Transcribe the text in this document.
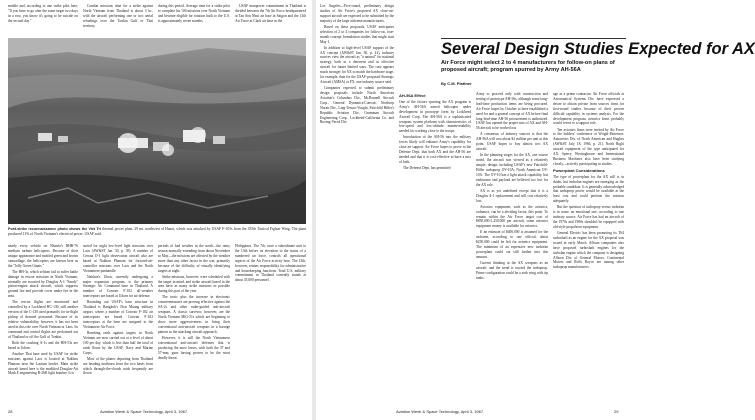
mobile and, according to one strike pilot here, "If you have to go after the same target two days in a row, you know it's going to be suicide on the second day."

Combat missions time for a strike against North Vietnam from Thailand is about 3 hr., with the aircraft performing one or two aerial refuelings over the Tonkin Gulf or Thai territory.

during this period. Average time for a strike pilot to complete his 100 missions over North Vietnam and become eligible for rotation back to the U.S. is approximately seven months.

USAF manpower commitment in Thailand is divided between the 7th Air Force headquartered at Tan Son Nhut air base in Saigon and the 13th Air Force at Clark air base in the

Post-strike reconnaissance photo shows the Viet Tri thermal power plant, 29 mi. northwest of Hanoi, which was attacked by USAF F-105s from the 355th Tactical Fighter Wing. The plant produced 11% of North Vietnam's electrical power, USAF said.

nearly every vehicle on Nharrie's RHB-76 medium turbine helicopters. Because of their unique appearance and mottled green and brown camouflage, the helicopters are known here as the "Jolly Green Giants."

The HH-3s, which seldom fail to suffer battle damage in rescue missions in North Vietnam, normally are escorted by Douglas A-1 "Sandy" piston-engine attack aircraft, which suppress ground fire and provide cover under fire in the area.

The rescue flights are monitored and controlled by a Lockheed HC-130, still another version of the C-130 used primarily for in-flight pickup of downed personnel. Because of its relative vulnerability, however, it has not been used in this role over North Vietnam or Laos. Its command and control flights are performed out of Thailand or off the Gulf of Tonkin.

Both the crashing A-1s and the HH-53s are based at Udorn.

Another Thai base used by USAF for strike missions against Laos is located at Nakhon Phanom near the Laotian border. Main strike aircraft based here is the modified Douglas-Air Mark E engineering B-26K light bomber. It is

suited for night low-level light missions over Laos (AW&ST Jan. 30, p. 39). A number of Cessna O-1 light observation aircraft also are based at Nakhon Phanom for forward-air-controller missions over Laos and the North Vietnamese panhandle.

Nakhon's Ubon, currently undergoing a major expansion program, is the primary Strategic Air Command base in Thailand. A number of Convair F-102 all-weather interceptors are based at Udorn for air defense.

Rounding out USAF's base structure in Thailand is Bangkok's Don Muang military airport, where a number of Convair F-102 air interceptors are based. Convair F-102 interceptors at the base are assigned to the Vietnamese Air Force.

Bombing raids against targets in North Vietnam are now carried out at a level of about 100 per day, which is less than half the total of raids flown by the USAF, Navy and Marine Corps.

Most of the planes departing from Thailand are heading northeast from the two bases from which through-the-clouds raids frequently are flown.

periods of bad weather in the north—the rainy season normally extending from about November to May—the missions are affected by the weather more than any other factor in the war, primarily because of the difficulty of visually identifying targets at night.

Strike missions, however, were scheduled with the target in mind, and strike aircraft based in the area have as many strike missions as possible during this part of the year.

The tactic plus the increase in electronic countermeasures are proving effective against the SA-2s and other radar-guided anti-aircraft weapons. A classic survivor, however, are the North Vietnam MiG-21s which are beginning to show more aggressiveness in firing their conventional anti-aircraft weapons in a barrage pattern as the attacking aircraft approach.

However, it is still the North Vietnamese conventional anti-aircraft defenses that is producing the most losses, with both the 37 and 57-mm. guns having proven to be the most deadly threat.

Philippines. The 7th, once a subordinate unit to the 13th before its elevation to the status of a numbered air force, controls all operational aspects of the Air Force activity here. The 13th, however, retains responsibility for administrative and housekeeping functions. Total U.S. military commitment in Thailand currently stands at about 35,000 personnel.

28	Aviation Week & Space Technology, April 3, 1967

Los Angeles—Five-round, preliminary design studies of Air Force's proposed AX close-air-support aircraft are expected to be submitted by the majority of the large airframe manufacturers.

Based on these proposals, USAF anticipates selection of 2 to 4 companies for follow-on, four-month concept formulation studies that might start May 1.

In addition to high-level USAF support of the AX concept (AW&ST Jan. 30, p. 41), industry sources view the aircraft as "a natural" for national strategy, both as a deterrent and as effective aircraft for future limited wars. The case appears much stronger for AX to match the hardware stage, for example, than for the USAF-proposed Strategic Aircraft (AMSA) or FX, one industry source said.

Companies expected to submit preliminary design proposals include North American Aviation's Columbus Div., McDonnell Aircraft Corp., General Dynamics/Convair, Northrop Norair Div., Ling-Temco-Vought, Fairchild Hiller's Republic Aviation Div., Grumman Aircraft Engineering Corp., Lockheed-California Co. and Boeing-Vertol Div.

Several Design Studies Expected for AX
Air Force might select 2 to 4 manufacturers for follow-on plans of proposed aircraft; program spurred by Army AH-56A
By C.M. Plattner
AH-56A Effect

One of the factors spurring the AX program is Army's AH-56A armed helicopter under development in prototype form by Lockheed Aircraft Corp. The AH-56A is a sophisticated weapons system platform with characteristics of low-speed and low-altitude maneuverability needed for working close to the troops.

Introduction of the AH-56 into the military forces likely will enhance Army's capability for close air support. Air Force hopes to prove to the Defense Dept. that both AX and the AH-56 are needed and that it is cost-effective to have a mix of both.

The Defense Dept. has permitted

Army to proceed only with construction and testing of prototype AH-56s, although some long-lead-time production items are being procured. Air Force hopes by October to have established a need for and a general concept of AX before final long-lead-time AH-56 procurement is authorized. USAF has opened the proper mix of AX and AH-56 aircraft to be worked out.

A consensus of industry sources is that the AH-56A will cost about $2 million per unit at this point. USAF hopes to buy almost two AX aircraft.

In the planning stages for the AX, one source noted, the aircraft was viewed as a relatively simple, design, including USAF's new Fairchild-Hiller turboprop OV-10A, North American OV-10A. The OV-10 has a light attack capability, but endurance and payload are believed too low for the AX role.

AX is as yet undefined except that it is a Douglas A-1 replacement and will cost relatively low.

Avionics equipment, such as the avionics, ordnance, can be a deciding factor, this point. To remain within the Air Force target cost of $850,000-1,250,000 per aircraft, some avionics equipment money is available for avionics.

If an estimate of $400,000 is assumed for the airframe, according to one official, about $250,000 could be left for avionics equipment. The minimum of an expensive new turbofan powerplant could cut still further into this amount.

Current thinking at the AX weapons as an aircraft, and the trend is toward the turboprop. Prime configuration could be a stub wing with tip tanks.

age as a prime contractor. Air Force officials at Aeronautical Systems Div. have expressed a desire to obtain private from sources firms for first-round studies because of their proven difficult capability in systems analysis. For the development program, avionics firms probably would revert to a support role.

Ten avionics firms were invited by Air Force to the bidders' conference at Wright-Patterson: Autonetics Div. of North American and Hughes (AW&ST July 18, 1966, p. 21). North Right aircraft equipment of the type anticipated for AX: Sperry, Westinghouse and International Business Machines also have been studying closely—actively participating in studies.

Powerplant Considerations

The type of powerplant for the AX still is in doubt, but turbofan engines are emerging as the probable candidate. It is generally acknowledged that turboprop power would be available at the least cost and could perform the mission adequately.

But the question of turboprop versus turbofan is in some, an emotional one, according to one industry source. Air Force has had an aircraft of the 1970s and 1980s shouldn't be equipped with old-style propulsion equipment.

General Electric has been promoting its T64 turboshaft as an engine for the AX proposal was issued in early March. Allison companies also have proposed turboshaft engines for the turbofan engine which the company is designing Allison Div. of General Motors, Continental Motors and Rolls Royce are among other turboprop manufacturers.

Aviation Week & Space Technology, April 3, 1967	29
